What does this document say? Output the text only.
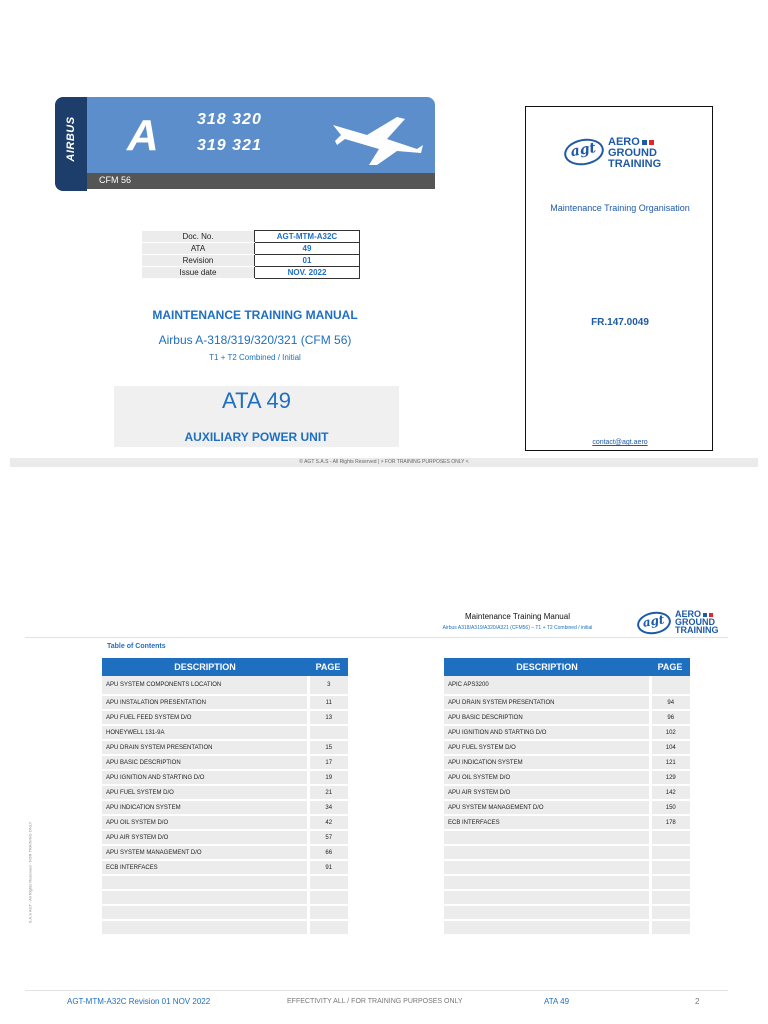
AIRBUS A 318 320
319 321
CFM 56
Doc. No.	AGT-MTM-A32C
ATA	49
Revision	01
Issue date	NOV. 2022
MAINTENANCE TRAINING MANUAL
Airbus A-318/319/320/321 (CFM 56)
T1 + T2 Combined / Initial
ATA 49
AUXILIARY POWER UNIT
agt AERO
GROUND
TRAINING
Maintenance Training Organisation
FR.147.0049
contact@agt.aero
© AGT S.A.S - All Rights Reserved | > FOR TRAINING PURPOSES ONLY <
Maintenance Training Manual
Airbus A318/A319/A320/A321 (CFM56) – T1 + T2 Combined / initial	agt AERO
GROUND
TRAINING
Table of Contents
DESCRIPTION	PAGE
APU SYSTEM COMPONENTS LOCATION	3
APU INSTALATION PRESENTATION	11
APU FUEL FEED SYSTEM D/O	13
HONEYWELL 131-9A	
APU DRAIN SYSTEM PRESENTATION	15
APU BASIC DESCRIPTION	17
APU IGNITION AND STARTING D/O	19
APU FUEL SYSTEM D/O	21
APU INDICATION SYSTEM	34
APU OIL SYSTEM D/O	42
APU AIR SYSTEM D/O	57
APU SYSTEM MANAGEMENT D/O	66
ECB INTERFACES	91

DESCRIPTION	PAGE
APIC APS3200	
APU DRAIN SYSTEM PRESENTATION	94
APU BASIC DESCRIPTION	96
APU IGNITION AND STARTING D/O	102
APU FUEL SYSTEM D/O	104
APU INDICATION SYSTEM	121
APU OIL SYSTEM D/O	129
APU AIR SYSTEM D/O	142
APU SYSTEM MANAGEMENT D/O	150
ECB INTERFACES	178

S.A.S AGT - All Rights Reserved - FOR TRAINING ONLY
AGT-MTM-A32C Revision 01 NOV 2022	EFFECTIVITY ALL / FOR TRAINING PURPOSES ONLY	ATA 49	2
